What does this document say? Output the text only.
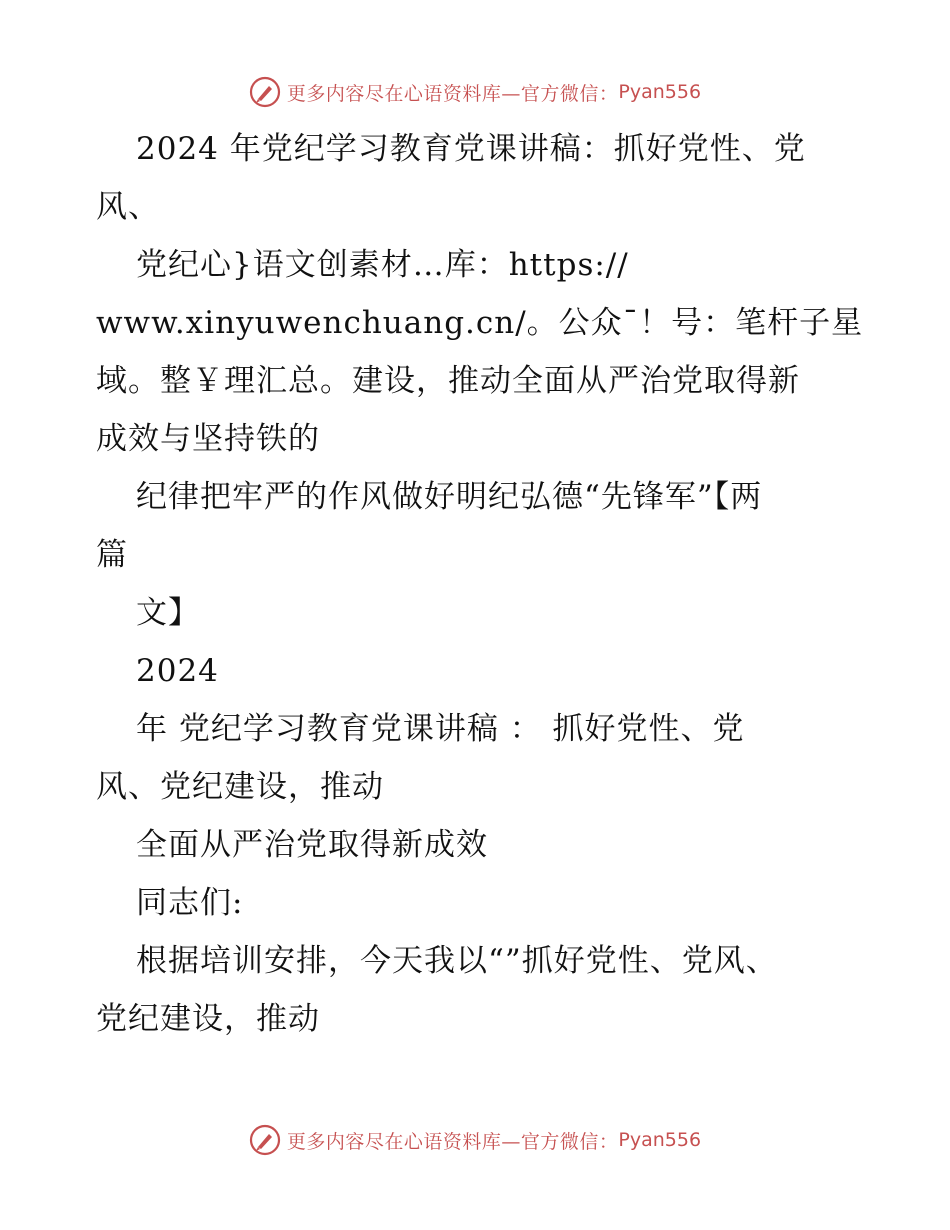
更多内容尽在心语资料库—官方微信： Pyan556
2024 年党纪学习教育党课讲稿：抓好党性、党
风、
党纪心}语文创素材…库：https://
www.xinyuwenchuang.cn/。公众¯！号：笔杆子星
域。整￥理汇总。建设，推动全面从严治党取得新
成效与坚持铁的
纪律把牢严的作风做好明纪弘德“先锋军”【两
篇
文】
2024
年 党纪学习教育党课讲稿 ： 抓好党性、党
风、党纪建设，推动
全面从严治党取得新成效
同志们:
根据培训安排，今天我以“”抓好党性、党风、
党纪建设，推动
更多内容尽在心语资料库—官方微信： Pyan556
